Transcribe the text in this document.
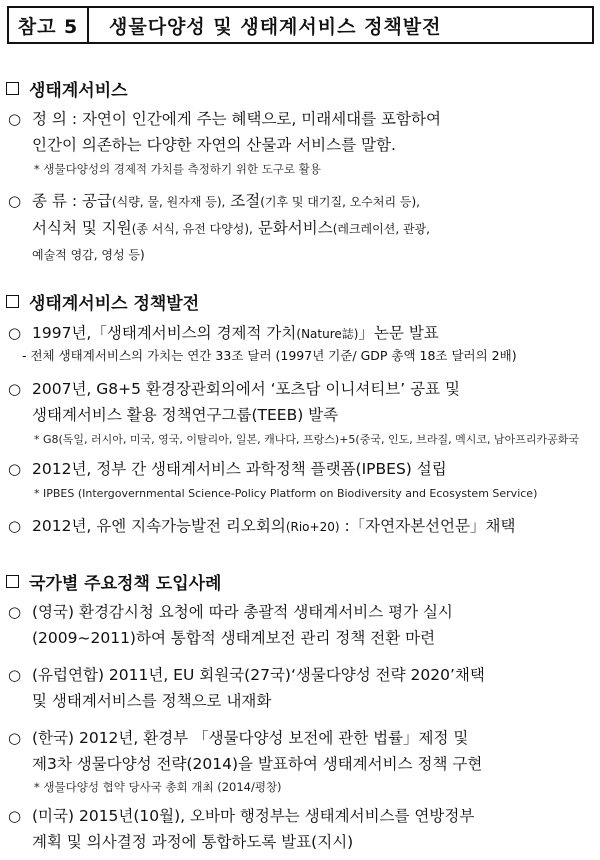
참고 5	생물다양성 및 생태계서비스 정책발전
생태계서비스
○ 정 의 : 자연이 인간에게 주는 혜택으로, 미래세대를 포함하여
인간이 의존하는 다양한 자연의 산물과 서비스를 말함.
* 생물다양성의 경제적 가치를 측정하기 위한 도구로 활용
○ 종 류 : 공급(식량, 물, 원자재 등), 조절(기후 및 대기질, 오수처리 등),
서식처 및 지원(종 서식, 유전 다양성), 문화서비스(레크레이션, 관광,
예술적 영감, 영성 등)
생태계서비스 정책발전
○ 1997년,「생태계서비스의 경제적 가치(Nature誌)」논문 발표
- 전체 생태계서비스의 가치는 연간 33조 달러 (1997년 기준/ GDP 총액 18조 달러의 2배)
○ 2007년, G8+5 환경장관회의에서 ‘포츠담 이니셔티브’ 공표 및
생태계서비스 활용 정책연구그룹(TEEB) 발족
* G8(독일, 러시아, 미국, 영국, 이탈리아, 일본, 캐나다, 프랑스)+5(중국, 인도, 브라질, 멕시코, 남아프리카공화국
○ 2012년, 정부 간 생태계서비스 과학정책 플랫폼(IPBES) 설립
* IPBES (Intergovernmental Science-Policy Platform on Biodiversity and Ecosystem Service)
○ 2012년, 유엔 지속가능발전 리오회의(Rio+20) :「자연자본선언문」채택
국가별 주요정책 도입사례
○ (영국) 환경감시청 요청에 따라 총괄적 생태계서비스 평가 실시
(2009~2011)하여 통합적 생태계보전 관리 정책 전환 마련
○ (유럽연합) 2011년, EU 회원국(27국)‘생물다양성 전략 2020’채택
및 생태계서비스를 정책으로 내재화
○ (한국) 2012년, 환경부 「생물다양성 보전에 관한 법률」제정 및
제3차 생물다양성 전략(2014)을 발표하여 생태계서비스 정책 구현
* 생물다양성 협약 당사국 총회 개최 (2014/평창)
○ (미국) 2015년(10월), 오바마 행정부는 생태계서비스를 연방정부
계획 및 의사결정 과정에 통합하도록 발표(지시)
